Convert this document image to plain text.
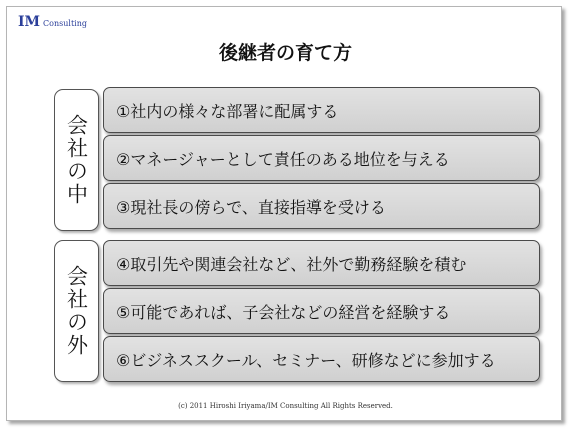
IM Consulting
後継者の育て方
会社の中
①社内の様々な部署に配属する
②マネージャーとして責任のある地位を与える
③現社長の傍らで、直接指導を受ける
会社の外
④取引先や関連会社など、社外で勤務経験を積む
⑤可能であれば、子会社などの経営を経験する
⑥ビジネススクール、セミナー、研修などに参加する
(c) 2011 Hiroshi Iriyama/IM Consulting All Rights Reserved.
